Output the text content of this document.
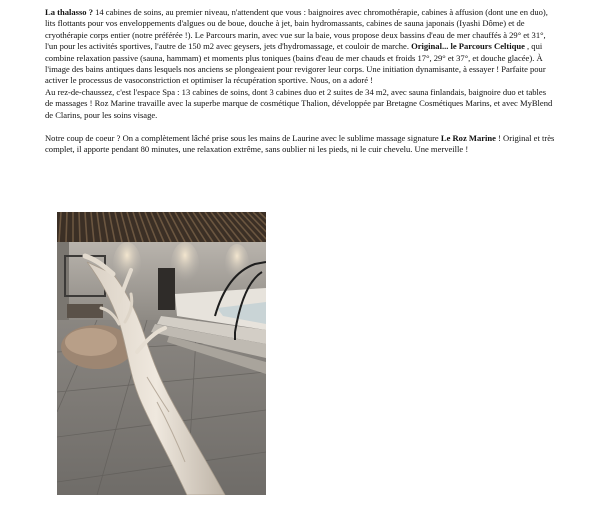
La thalasso ? 14 cabines de soins, au premier niveau, n'attendent que vous : baignoires avec chromothérapie, cabines à affusion (dont une en duo), lits flottants pour vos enveloppements d'algues ou de boue, douche à jet, bain hydromassants, cabines de sauna japonais (Iyashi Dôme) et de cryothérapie corps entier (notre préférée !). Le Parcours marin, avec vue sur la baie, vous propose deux bassins d'eau de mer chauffés à 29° et 31°, l'un pour les activités sportives, l'autre de 150 m2 avec geysers, jets d'hydromassage, et couloir de marche. Original... le Parcours Celtique , qui combine relaxation passive (sauna, hammam) et moments plus toniques (bains d'eau de mer chauds et froids 17°, 29° et 37°, et douche glacée). À l'image des bains antiques dans lesquels nos anciens se plongeaient pour revigorer leur corps. Une initiation dynamisante, à essayer ! Parfaite pour activer le processus de vasoconstriction et optimiser la récupération sportive. Nous, on a adoré !

Au rez-de-chaussez, c'est l'espace Spa : 13 cabines de soins, dont 3 cabines duo et 2 suites de 34 m2, avec sauna finlandais, baignoire duo et tables de massages ! Roz Marine travaille avec la superbe marque de cosmétique Thalion, développée par Bretagne Cosmétiques Marins, et avec MyBlend de Clarins, pour les soins visage.

Notre coup de coeur ? On a complètement lâché prise sous les mains de Laurine avec le sublime massage signature Le Roz Marine ! Original et très complet, il apporte pendant 80 minutes, une relaxation extrême, sans oublier ni les pieds, ni le cuir chevelu. Une merveille !
